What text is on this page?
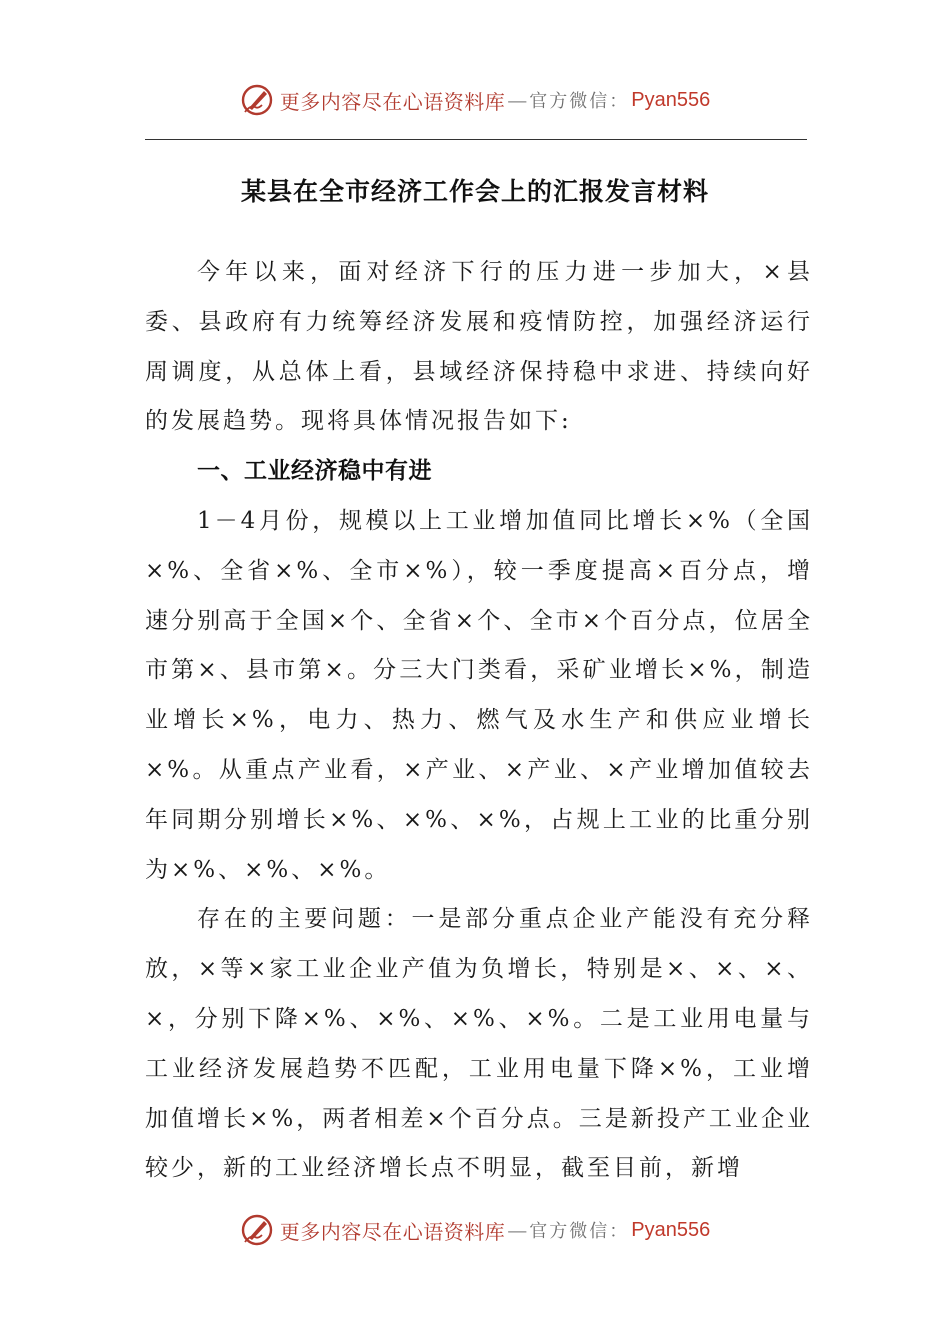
更多内容尽在心语资料库 — 官方微信： Pyan556
某县在全市经济工作会上的汇报发言材料

今年以来，面对经济下行的压力进一步加大，×县委、县政府有力统筹经济发展和疫情防控，加强经济运行周调度，从总体上看，县域经济保持稳中求进、持续向好的发展趋势。现将具体情况报告如下:

一、工业经济稳中有进

1－4月份，规模以上工业增加值同比增长×%（全国×%、全省×%、全市×%），较一季度提高×百分点，增速分别高于全国×个、全省×个、全市×个百分点，位居全市第×、县市第×。分三大门类看，采矿业增长×%，制造业增长×%，电力、热力、燃气及水生产和供应业增长×%。从重点产业看，×产业、×产业、×产业增加值较去年同期分别增长×%、×%、×%，占规上工业的比重分别为×%、×%、×%。

存在的主要问题：一是部分重点企业产能没有充分释放，×等×家工业企业产值为负增长，特别是×、×、×、×，分别下降×%、×%、×%、×%。二是工业用电量与工业经济发展趋势不匹配，工业用电量下降×%，工业增加值增长×%，两者相差×个百分点。三是新投产工业企业较少，新的工业经济增长点不明显，截至目前，新增

更多内容尽在心语资料库 — 官方微信： Pyan556
